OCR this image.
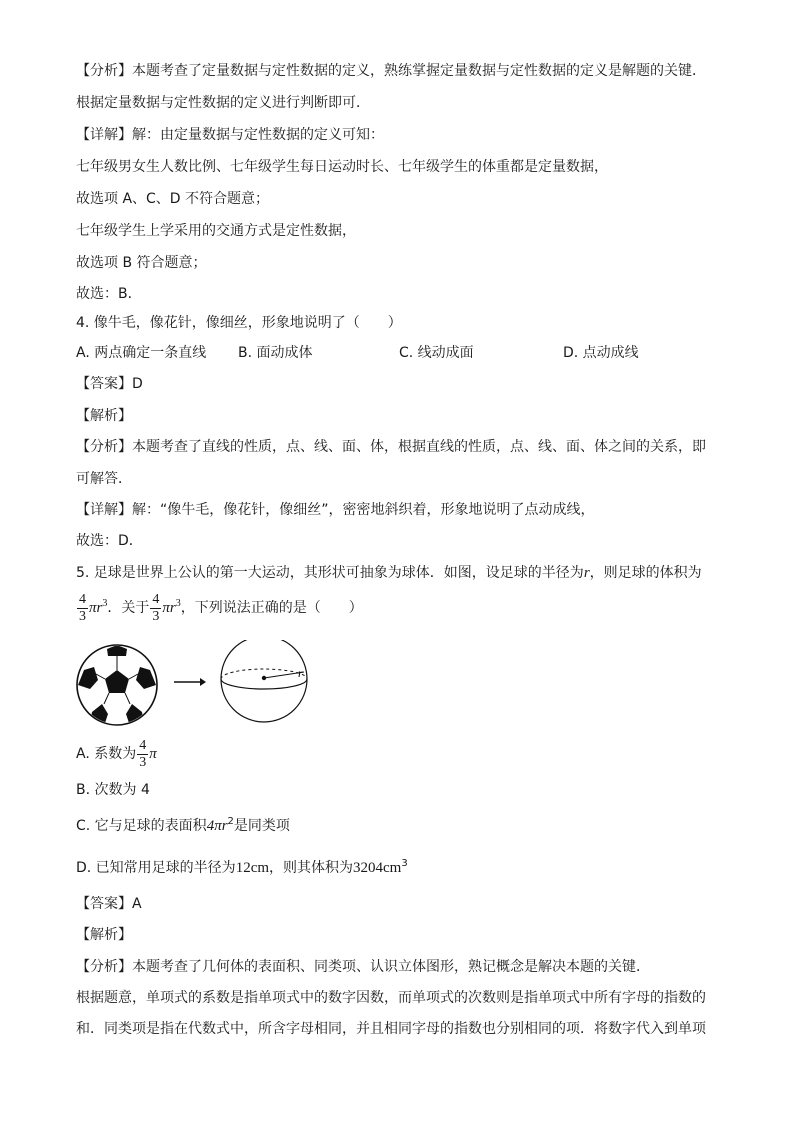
【分析】本题考查了定量数据与定性数据的定义，熟练掌握定量数据与定性数据的定义是解题的关键．
根据定量数据与定性数据的定义进行判断即可．
【详解】解：由定量数据与定性数据的定义可知：
七年级男女生人数比例、七年级学生每日运动时长、七年级学生的体重都是定量数据，
故选项 A、C、D 不符合题意；
七年级学生上学采用的交通方式是定性数据，
故选项 B 符合题意；
故选：B．
4. 像牛毛，像花针，像细丝，形象地说明了（　　）
A. 两点确定一条直线 B. 面动成体	C. 线动成面	D. 点动成线
【答案】D
【解析】
【分析】本题考查了直线的性质，点、线、面、体，根据直线的性质，点、线、面、体之间的关系，即
可解答．
【详解】解：“像牛毛，像花针，像细丝”，密密地斜织着，形象地说明了点动成线，
故选：D．
5. 足球是世界上公认的第一大运动，其形状可抽象为球体．如图，设足球的半径为r，则足球的体积为
$\frac{4}{3} \pi r^3$．关于 $\frac{4}{3} \pi r^3$，下列说法正确的是（　　）
r
A. 系数为 $\frac{4}{3}$ π
B. 次数为 4
C. 它与足球的表面积$4\pi r^2$是同类项
D. 已知常用足球的半径为12cm，则其体积为$3204cm^3$
【答案】A
【解析】
【分析】本题考查了几何体的表面积、同类项、认识立体图形，熟记概念是解决本题的关键．
根据题意，单项式的系数是指单项式中的数字因数，而单项式的次数则是指单项式中所有字母的指数的
和．同类项是指在代数式中，所含字母相同，并且相同字母的指数也分别相同的项．将数字代入到单项
